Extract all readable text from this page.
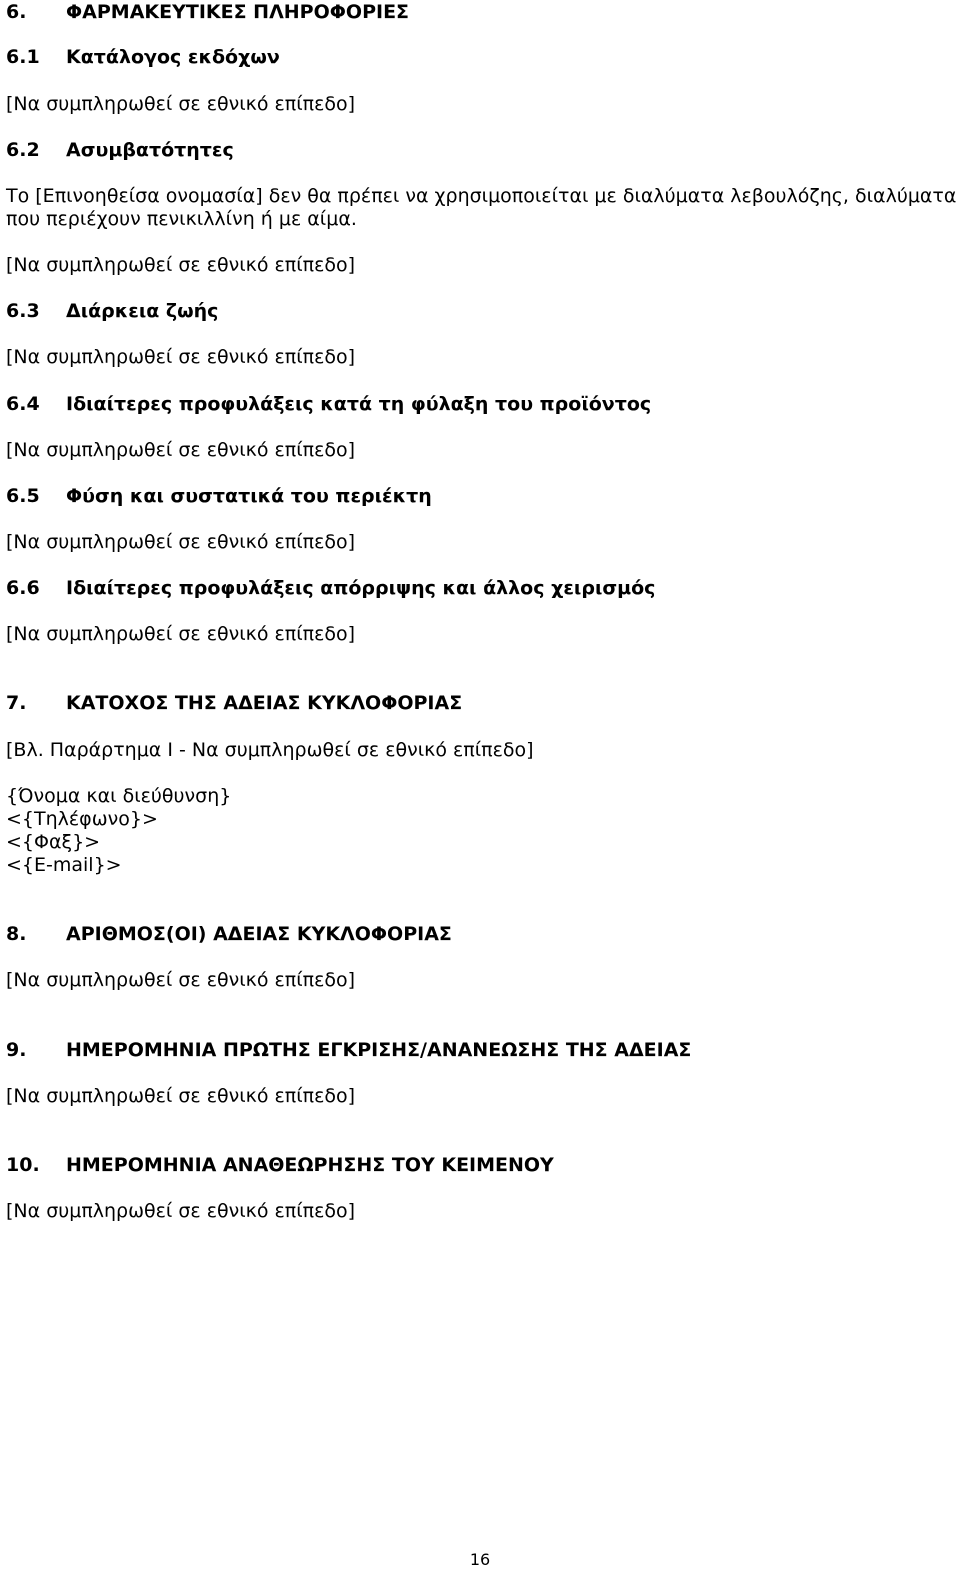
6. ΦΑΡΜΑΚΕΥΤΙΚΕΣ ΠΛΗΡΟΦΟΡΙΕΣ
6.1 Κατάλογος εκδόχων
[Να συμπληρωθεί σε εθνικό επίπεδο]
6.2 Ασυμβατότητες
Το [Επινοηθείσα ονομασία] δεν θα πρέπει να χρησιμοποιείται με διαλύματα λεβουλόζης, διαλύματα
που περιέχουν πενικιλλίνη ή με αίμα.
[Να συμπληρωθεί σε εθνικό επίπεδο]
6.3 Διάρκεια ζωής
[Να συμπληρωθεί σε εθνικό επίπεδο]
6.4 Ιδιαίτερες προφυλάξεις κατά τη φύλαξη του προϊόντος
[Να συμπληρωθεί σε εθνικό επίπεδο]
6.5 Φύση και συστατικά του περιέκτη
[Να συμπληρωθεί σε εθνικό επίπεδο]
6.6 Ιδιαίτερες προφυλάξεις απόρριψης και άλλος χειρισμός
[Να συμπληρωθεί σε εθνικό επίπεδο]
7. ΚΑΤΟΧΟΣ ΤΗΣ ΑΔΕΙΑΣ ΚΥΚΛΟΦΟΡΙΑΣ
[Βλ. Παράρτημα I - Να συμπληρωθεί σε εθνικό επίπεδο]
{Όνομα και διεύθυνση}
<{Τηλέφωνο}>
<{Φαξ}>
<{E-mail}>
8. ΑΡΙΘΜΟΣ(ΟΙ) ΑΔΕΙΑΣ ΚΥΚΛΟΦΟΡΙΑΣ
[Να συμπληρωθεί σε εθνικό επίπεδο]
9. ΗΜΕΡΟΜΗΝΙΑ ΠΡΩΤΗΣ ΕΓΚΡΙΣΗΣ/ΑΝΑΝΕΩΣΗΣ ΤΗΣ ΑΔΕΙΑΣ
[Να συμπληρωθεί σε εθνικό επίπεδο]
10. ΗΜΕΡΟΜΗΝΙΑ ΑΝΑΘΕΩΡΗΣΗΣ ΤΟΥ ΚΕΙΜΕΝΟΥ
[Να συμπληρωθεί σε εθνικό επίπεδο]
16
